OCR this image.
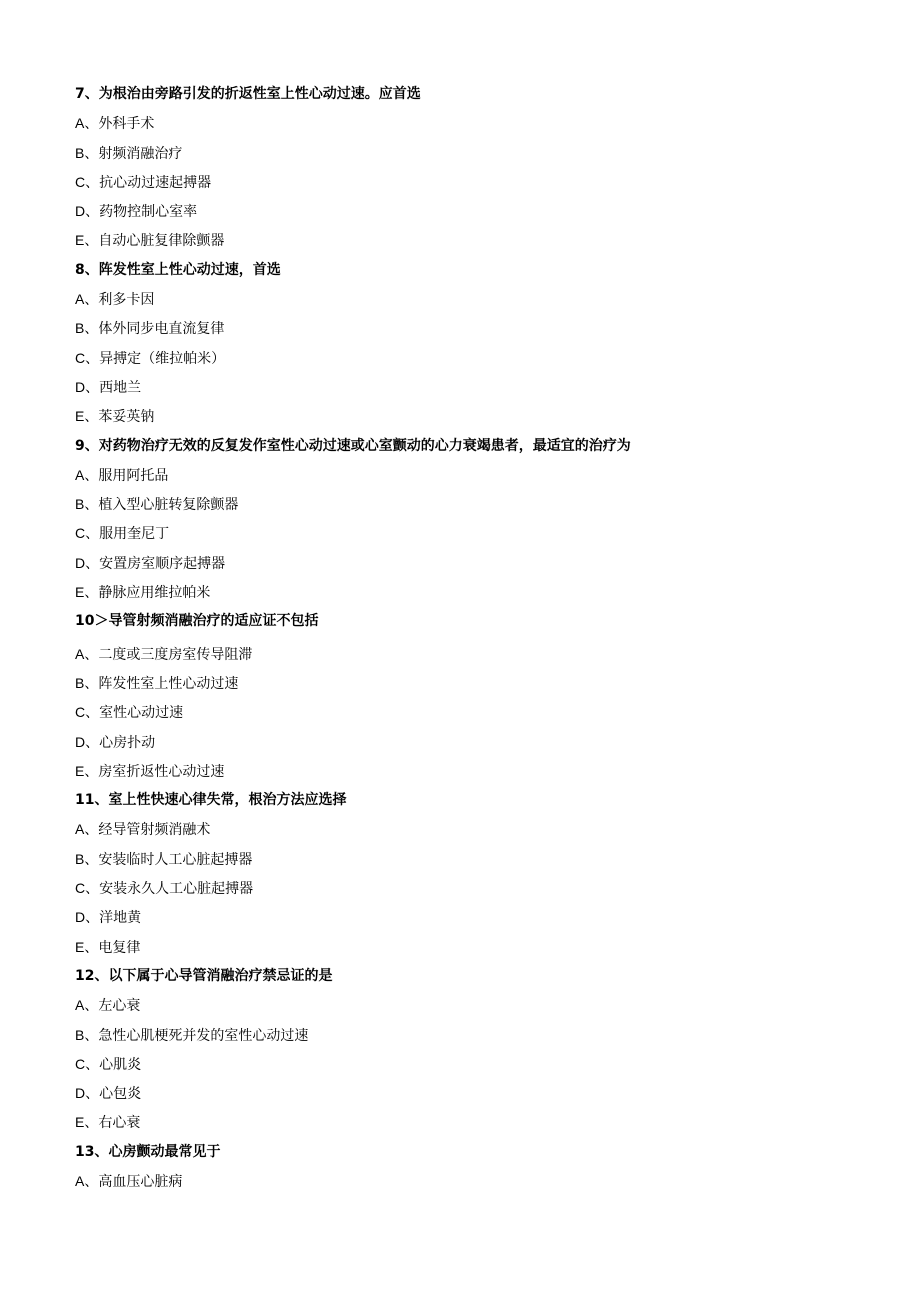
7、为根治由旁路引发的折返性室上性心动过速。应首选
A、外科手术
B、射频消融治疗
C、抗心动过速起搏器
D、药物控制心室率
E、自动心脏复律除颤器
8、阵发性室上性心动过速，首选
A、利多卡因
B、体外同步电直流复律
C、异搏定（维拉帕米）
D、西地兰
E、苯妥英钠
9、对药物治疗无效的反复发作室性心动过速或心室颤动的心力衰竭患者，最适宜的治疗为
A、服用阿托品
B、植入型心脏转复除颤器
C、服用奎尼丁
D、安置房室顺序起搏器
E、静脉应用维拉帕米
10＞导管射频消融治疗的适应证不包括
A、二度或三度房室传导阻滞
B、阵发性室上性心动过速
C、室性心动过速
D、心房扑动
E、房室折返性心动过速
11、室上性快速心律失常，根治方法应选择
A、经导管射频消融术
B、安装临时人工心脏起搏器
C、安装永久人工心脏起搏器
D、洋地黄
E、电复律
12、以下属于心导管消融治疗禁忌证的是
A、左心衰
B、急性心肌梗死并发的室性心动过速
C、心肌炎
D、心包炎
E、右心衰
13、心房颤动最常见于
A、高血压心脏病
